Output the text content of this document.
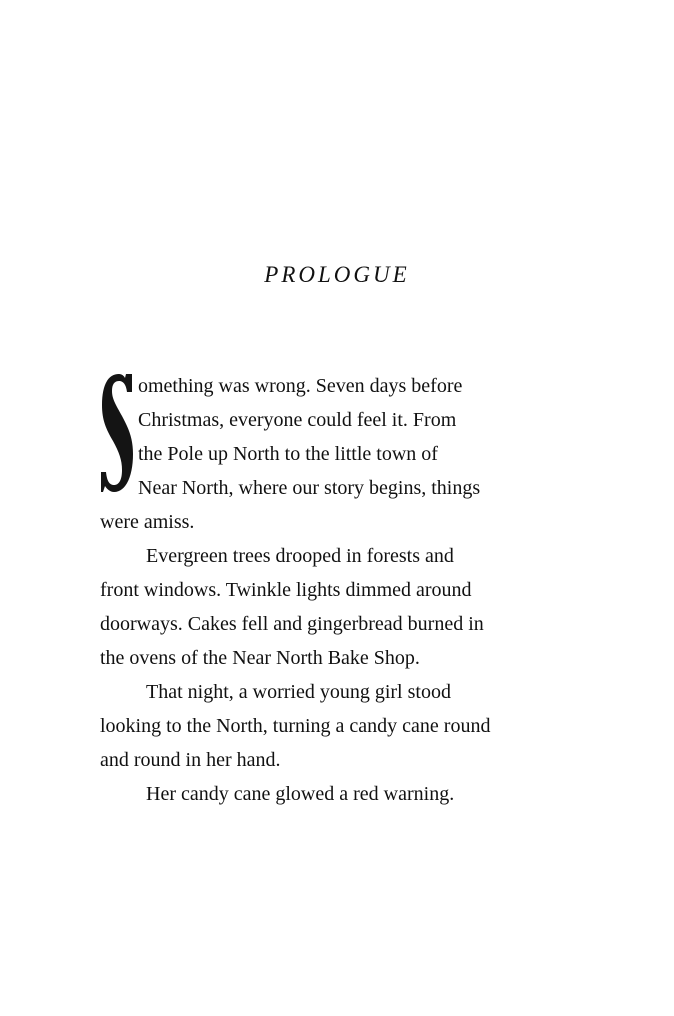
PROLOGUE
omething was wrong. Seven days before
Christmas, everyone could feel it. From
the Pole up North to the little town of
Near North, where our story begins, things
were amiss.
Evergreen trees drooped in forests and
front windows. Twinkle lights dimmed around
doorways. Cakes fell and gingerbread burned in
the ovens of the Near North Bake Shop.
That night, a worried young girl stood
looking to the North, turning a candy cane round
and round in her hand.
Her candy cane glowed a red warning.
